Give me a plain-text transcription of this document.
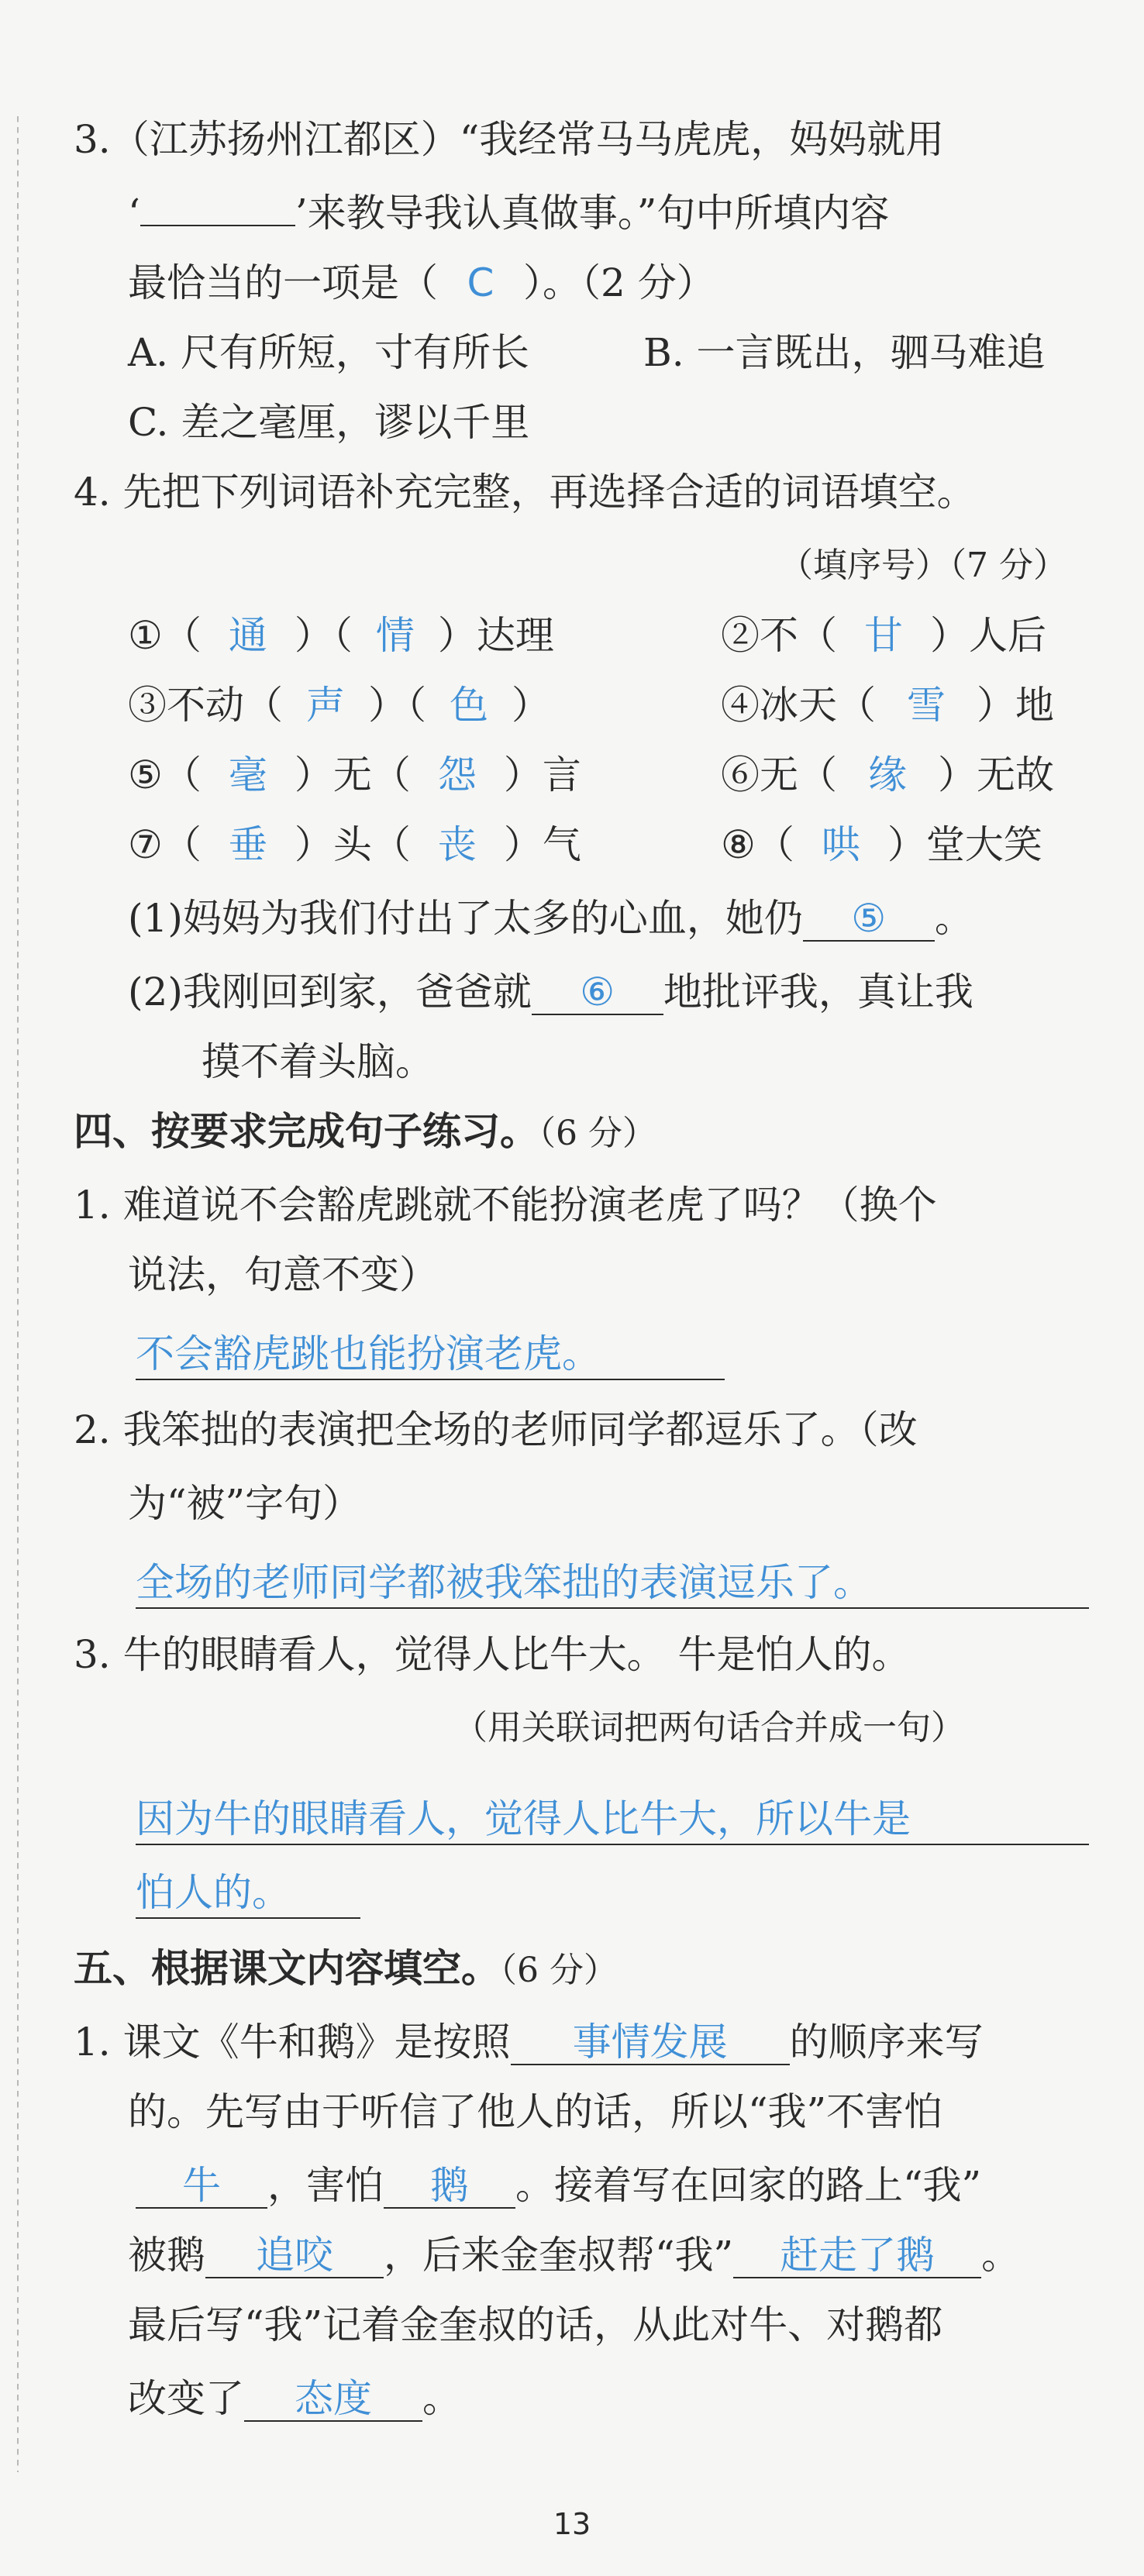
3.（江苏扬州江都区）“我经常马马虎虎，妈妈就用
‘	’来教导我认真做事。”句中所填内容
最恰当的一项是（ C ）。（2 分）
A. 尺有所短，寸有所长	B. 一言既出，驷马难追
C. 差之毫厘，谬以千里
4. 先把下列词语补充完整，再选择合适的词语填空。
（填序号）（7 分）
①（ 通 ）（ 情 ）达理	②不（ 甘 ）人后
③不动（ 声 ）（ 色 ）	④冰天（ 雪 ）地
⑤（ 毫 ）无（ 怨 ）言	⑥无（ 缘 ）无故
⑦（ 垂 ）头（ 丧 ）气	⑧（ 哄 ）堂大笑
(1)妈妈为我们付出了太多的心血，她仍 ⑤ 。
(2)我刚回到家，爸爸就 ⑥ 地批评我，真让我
摸不着头脑。
四、按要求完成句子练习。（6 分）
1. 难道说不会豁虎跳就不能扮演老虎了吗？（换个
说法，句意不变）
不会豁虎跳也能扮演老虎。
2. 我笨拙的表演把全场的老师同学都逗乐了。（改
为“被”字句）
全场的老师同学都被我笨拙的表演逗乐了。
3. 牛的眼睛看人，觉得人比牛大。 牛是怕人的。
（用关联词把两句话合并成一句）
因为牛的眼睛看人，觉得人比牛大，所以牛是
怕人的。
五、根据课文内容填空。（6 分）
1. 课文《牛和鹅》是按照 事情发展 的顺序来写
的。先写由于听信了他人的话，所以“我”不害怕
牛 ，害怕 鹅 。接着写在回家的路上“我”
被鹅 追咬 ，后来金奎叔帮“我” 赶走了鹅 。
最后写“我”记着金奎叔的话，从此对牛、对鹅都
改变了 态度 。
13
